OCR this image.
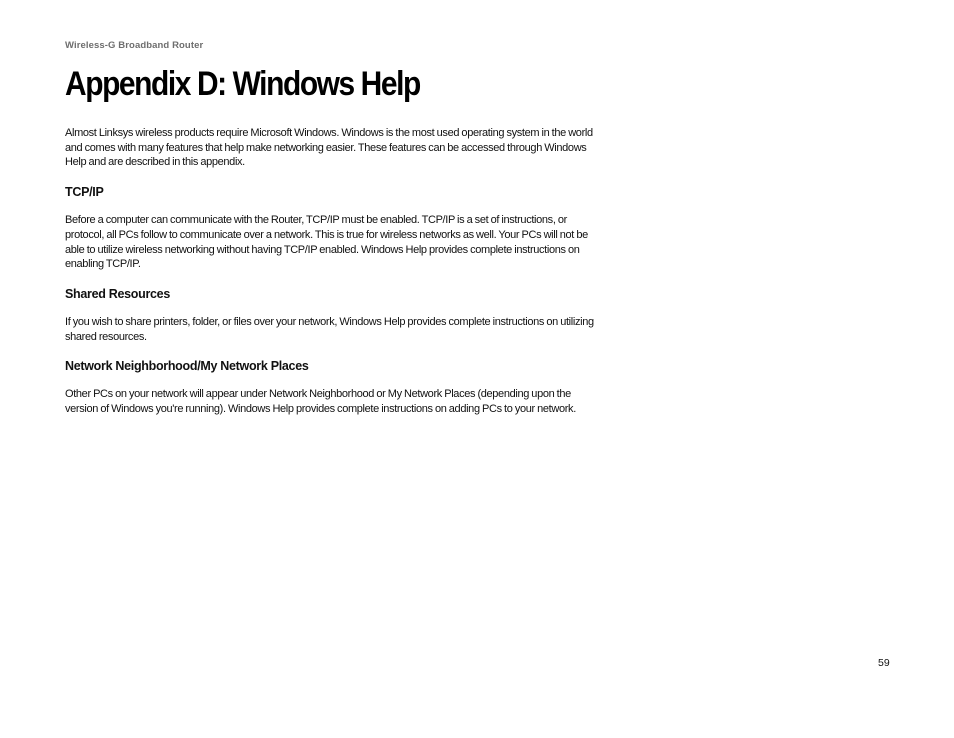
Wireless-G Broadband Router
Appendix D: Windows Help

Almost Linksys wireless products require Microsoft Windows. Windows is the most used operating system in the world and comes with many features that help make networking easier. These features can be accessed through Windows Help and are described in this appendix.

TCP/IP

Before a computer can communicate with the Router, TCP/IP must be enabled. TCP/IP is a set of instructions, or protocol, all PCs follow to communicate over a network. This is true for wireless networks as well. Your PCs will not be able to utilize wireless networking without having TCP/IP enabled. Windows Help provides complete instructions on enabling TCP/IP.

Shared Resources

If you wish to share printers, folder, or files over your network, Windows Help provides complete instructions on utilizing shared resources.

Network Neighborhood/My Network Places

Other PCs on your network will appear under Network Neighborhood or My Network Places (depending upon the version of Windows you're running). Windows Help provides complete instructions on adding PCs to your network.

59
